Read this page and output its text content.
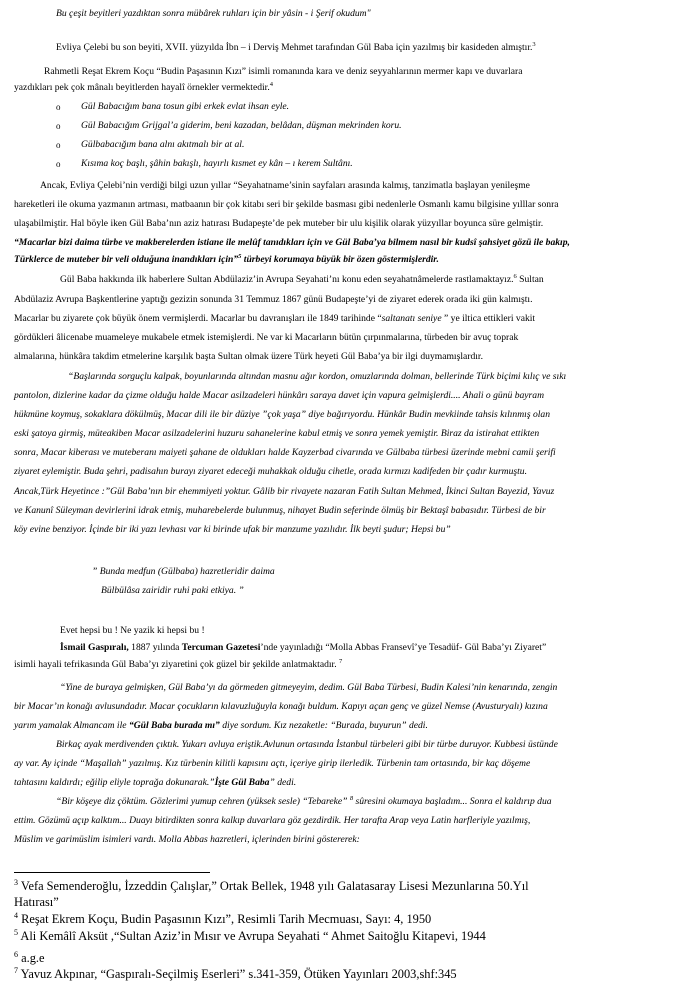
Bu çeşit beyitleri yazdıktan sonra mübârek ruhları için bir yâsin - i Şerif okudum"
Evliya Çelebi bu son beyiti, XVII. yüzyılda İbn – i Derviş Mehmet tarafından Gül Baba için yazılmış bir kasideden almıştır.$^3$
Rahmetli Reşat Ekrem Koçu “Budin Paşasının Kızı” isimli romanında kara ve deniz seyyahlarının mermer kapı ve duvarlara
yazdıkları pek çok mânalı beyitlerden hayalî örnekler vermektedir.$^4$
o Gül Babacığım bana tosun gibi erkek evlat ihsan eyle.
o Gül Babacığım Grijgal’a giderim, beni kazadan, belâdan, düşman mekrinden koru.
o Gülbabacığım bana alnı akıtmalı bir at al.
o Kısıma koç başlı, şâhin bakışlı, hayırlı kısmet ey kân – ı kerem Sultânı.
Ancak, Evliya Çelebi’nin verdiği bilgi uzun yıllar “Seyahatname’sinin sayfaları arasında kalmış, tanzimatla başlayan yenileşme
hareketleri ile okuma yazmanın artması, matbaanın bir çok kitabı seri bir şekilde basması gibi nedenlerle Osmanlı kamu bilgisine yılllar sonra
ulaşabilmiştir. Hal böyle iken Gül Baba’nın aziz hatırası Budapeşte’de pek muteber bir ulu kişilik olarak yüzyıllar boyunca süre gelmiştir.
“Macarlar bizi daima türbe ve makberelerden istiane ile melûf tanıdıkları için ve Gül Baba’ya bilmem nasıl bir kudsî şahsiyet gözü ile bakıp,
Türklerce de muteber bir veli olduğuna inandıkları için”$^5$ türbeyi korumaya büyük bir özen göstermişlerdir.
Gül Baba hakkında ilk haberlere Sultan Abdülaziz’in Avrupa Seyahati’nı konu eden seyahatnâmelerde rastlamaktayız.$^6$ Sultan
Abdülaziz Avrupa Başkentlerine yaptığı gezizin sonunda 31 Temmuz 1867 günü Budapeşte’yi de ziyaret ederek orada iki gün kalmıştı.
Macarlar bu ziyarete çok büyük önem vermişlerdi. Macarlar bu davranışları ile 1849 tarihinde “saltanatı seniye ” ye iltica ettikleri vakit
gördükleri âlicenabe muameleye mukabele etmek istemişlerdi. Ne var ki Macarların bütün çırpınmalarına, türbeden bir avuç toprak
almalarına, hünkâra takdim etmelerine karşılık başta Sultan olmak üzere Türk heyeti Gül Baba’ya bir ilgi duymamışlardır.
“Başlarında sorguçlu kalpak, boyunlarında altından masnu ağır kordon, omuzlarında dolman, bellerinde Türk biçimi kılıç ve sıkı
pantolon, dizlerine kadar da çizme olduğu halde Macar asilzadeleri hünkârı saraya davet için vapura gelmişlerdi.... Ahali o günü bayram
hükmüne koymuş, sokaklara dökülmüş, Macar dili ile bir düziye ”çok yaşa” diye bağırıyordu. Hünkâr Budin mevkiinde tahsis kılınmış olan
eski şatoya girmiş, müteakiben Macar asilzadelerini huzuru sahanelerine kabul etmiş ve sonra yemek yemiştir. Biraz da istirahat ettikten
sonra, Macar kiberası ve muteberanı maiyeti şahane de oldukları halde Kayzerbad civarında ve Gülbaba türbesi üzerinde mebni camii şerifi
ziyaret eylemiştir. Buda şehri, padisahın burayı ziyaret edeceği muhakkak olduğu cihetle, orada kırmızı kadifeden bir çadır kurmuştu.
Ancak,Türk Heyetince :”Gül Baba’nın bir ehemmiyeti yoktur. Gâlib bir rivayete nazaran Fatih Sultan Mehmed, İkinci Sultan Bayezid, Yavuz
ve Kanunî Süleyman devirlerini idrak etmiş, muharebelerde bulunmuş, nihayet Budin seferinde ölmüş bir Bektaşî babasıdır. Türbesi de bir
köy evine benziyor. İçinde bir iki yazı levhası var ki birinde ufak bir manzume yazılıdır. İlk beyti şudur; Hepsi bu”
” Bunda medfun (Gülbaba) hazretleridir daima
Bülbülâsa zairidir ruhi paki etkiya. ”
Evet hepsi bu ! Ne yazik ki hepsi bu !
İsmail Gaspıralı, 1887 yılında Tercuman Gazetesi’nde yayınladığı “Molla Abbas Fransevî’ye Tesadüf- Gül Baba’yı Ziyaret”
isimli hayali tefrikasında Gül Baba’yı ziyaretini çok güzel bir şekilde anlatmaktadır. $^7$
“Yine de buraya gelmişken, Gül Baba’yı da görmeden gitmeyeyim, dedim. Gül Baba Türbesi, Budin Kalesi’nin kenarında, zengin
bir Macar’ın konağı avlusundadır. Macar çocukların kılavuzluğuyla konağı buldum. Kapıyı açan genç ve güzel Nemse (Avusturyalı) kızına
yarım yamalak Almancam ile “Gül Baba burada mı” diye sordum. Kız nezaketle: “Burada, buyurun” dedi.
Birkaç ayak merdivenden çıktık. Yukarı avluya eriştik.Avlunun ortasında İstanbul türbeleri gibi bir türbe duruyor. Kubbesi üstünde
ay var. Ay içinde “Maşallah” yazılmış. Kız türbenin kilitli kapısını açtı, içeriye girip ilerledik. Türbenin tam ortasında, bir kaç döşeme
tahtasını kaldırdı; eğilip eliyle toprağa dokunarak.”İşte Gül Baba” dedi.
“Bir köşeye diz çöktüm. Gözlerimi yumup cehren (yüksek sesle) “Tebareke” $^8$ sûresini okumaya başladım... Sonra el kaldırıp dua
ettim. Gözümü açıp kalktım... Duayı bitirdikten sonra kalkıp duvarlara göz gezdirdik. Her tarafta Arap veya Latin harfleriyle yazılmış,
Müslim ve garimüslim isimleri vardı. Molla Abbas hazretleri, içlerinden birini göstererek:
$^3$ Vefa Semenderoğlu, İzzeddin Çalışlar,” Ortak Bellek, 1948 yılı Galatasaray Lisesi Mezunlarına 50.Yıl
Hatırası”
$^4$ Reşat Ekrem Koçu, Budin Paşasının Kızı”, Resimli Tarih Mecmuası, Sayı: 4, 1950
$^5$ Ali Kemâlî Aksüt ,“Sultan Aziz’in Mısır ve Avrupa Seyahati “ Ahmet Saitoğlu Kitapevi, 1944
$^6$ a.g.e
$^7$ Yavuz Akpınar, “Gaspıralı-Seçilmiş Eserleri” s.341-359, Ötüken Yayınları 2003,shf:345
